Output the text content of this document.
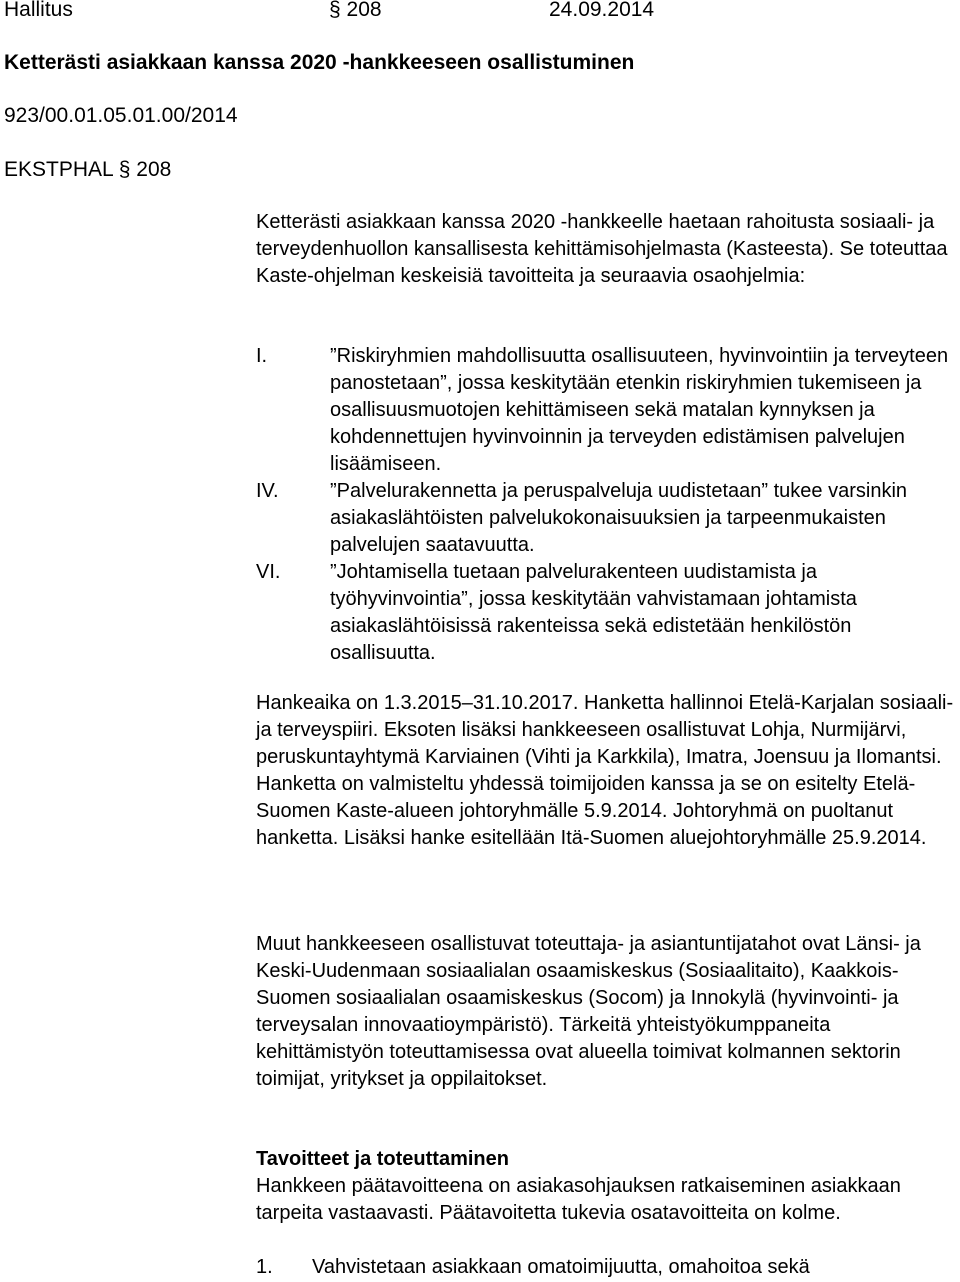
Hallitus	§ 208	24.09.2014
Ketterästi asiakkaan kanssa 2020 -hankkeeseen osallistuminen
923/00.01.05.01.00/2014
EKSTPHAL § 208

Ketterästi asiakkaan kanssa 2020 -hankkeelle haetaan rahoitusta sosiaali- ja terveydenhuollon kansallisesta kehittämisohjelmasta (Kasteesta). Se toteuttaa Kaste-ohjelman keskeisiä tavoitteita ja seuraavia osaohjelmia:

I.	”Riskiryhmien mahdollisuutta osallisuuteen, hyvinvointiin ja terveyteen panostetaan”, jossa keskitytään etenkin riskiryhmien tukemiseen ja osallisuusmuotojen kehittämiseen sekä matalan kynnyksen ja kohdennettujen hyvinvoinnin ja terveyden edistämisen palvelujen lisäämiseen.
IV.	”Palvelurakennetta ja peruspalveluja uudistetaan” tukee varsinkin asiakaslähtöisten palvelukokonaisuuksien ja tarpeenmukaisten palvelujen saatavuutta.
VI.	”Johtamisella tuetaan palvelurakenteen uudistamista ja työhyvinvointia”, jossa keskitytään vahvistamaan johtamista asiakaslähtöisissä rakenteissa sekä edistetään henkilöstön osallisuutta.

Hankeaika on 1.3.2015–31.10.2017. Hanketta hallinnoi Etelä-Karjalan sosiaali- ja terveyspiiri. Eksoten lisäksi hankkeeseen osallistuvat Lohja, Nurmijärvi, peruskuntayhtymä Karviainen (Vihti ja Karkkila), Imatra, Joensuu ja Ilomantsi. Hanketta on valmisteltu yhdessä toimijoiden kanssa ja se on esitelty Etelä-Suomen Kaste-alueen johtoryhmälle 5.9.2014. Johtoryhmä on puoltanut hanketta. Lisäksi hanke esitellään Itä-Suomen aluejohtoryhmälle 25.9.2014.

Muut hankkeeseen osallistuvat toteuttaja- ja asiantuntijatahot ovat Länsi- ja Keski-Uudenmaan sosiaalialan osaamiskeskus (Sosiaalitaito), Kaakkois-Suomen sosiaalialan osaamiskeskus (Socom) ja Innokylä (hyvinvointi- ja terveysalan innovaatioympäristö). Tärkeitä yhteistyökumppaneita kehittämistyön toteuttamisessa ovat alueella toimivat kolmannen sektorin toimijat, yritykset ja oppilaitokset.

Tavoitteet ja toteuttaminen

Hankkeen päätavoitteena on asiakasohjauksen ratkaiseminen asiakkaan tarpeita vastaavasti. Päätavoitetta tukevia osatavoitteita on kolme.

1.	Vahvistetaan asiakkaan omatoimijuutta, omahoitoa sekä
